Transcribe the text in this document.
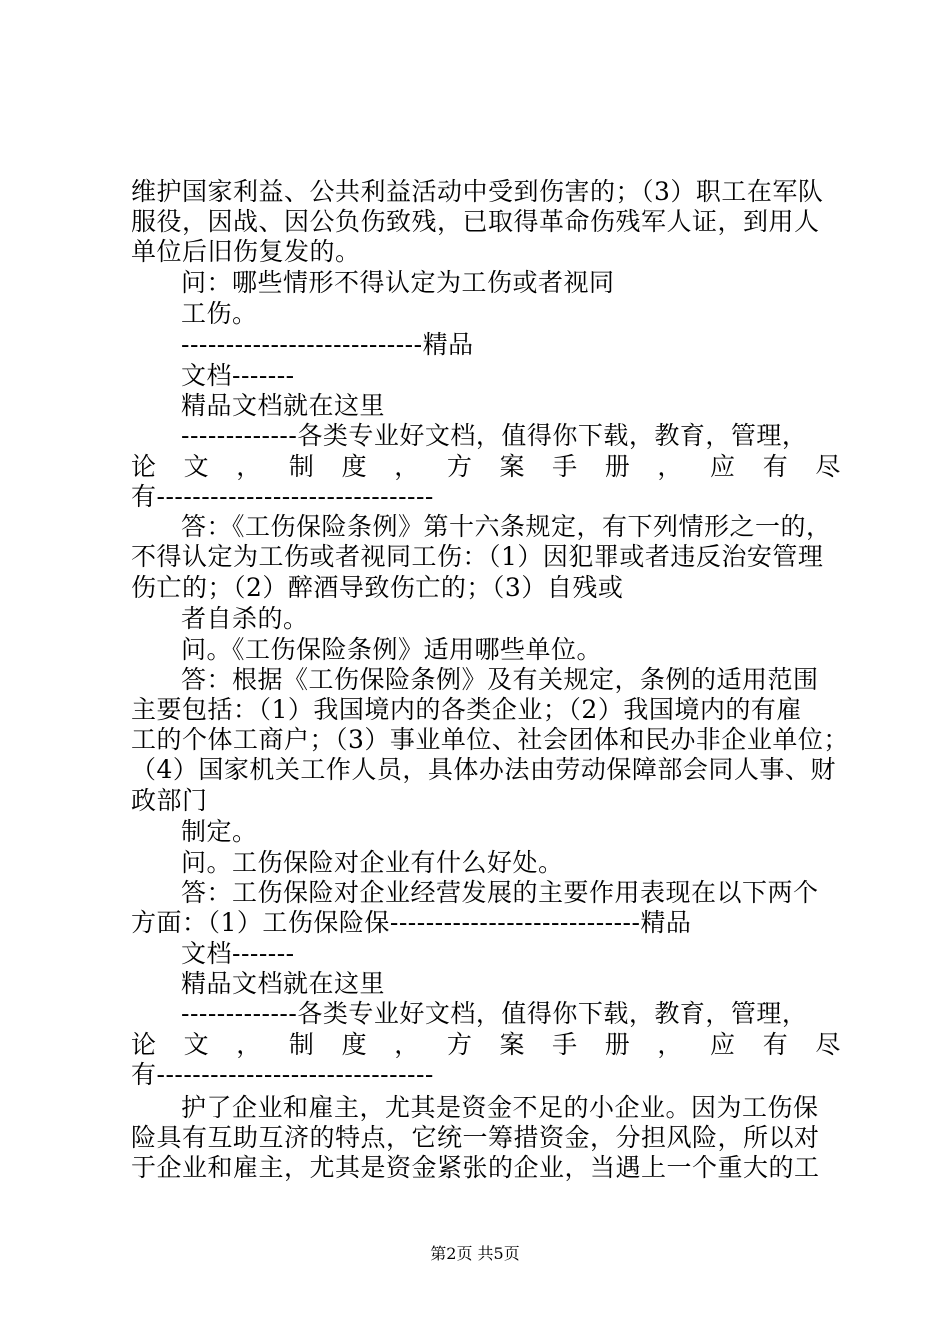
维护国家利益、公共利益活动中受到伤害的；（3）职工在军队
服役，因战、因公负伤致残，已取得革命伤残军人证，到用人
单位后旧伤复发的。
问：哪些情形不得认定为工伤或者视同
工伤。
---------------------------精品
文档-------
精品文档就在这里
-------------各类专业好文档，值得你下载，教育，管理，
论 文 ， 制 度 ， 方 案 手 册 ， 应 有 尽
有-------------------------------
答：《工伤保险条例》第十六条规定，有下列情形之一的，
不得认定为工伤或者视同工伤：（1）因犯罪或者违反治安管理
伤亡的；（2）醉酒导致伤亡的；（3）自残或
者自杀的。
问。《工伤保险条例》适用哪些单位。
答：根据《工伤保险条例》及有关规定，条例的适用范围
主要包括：（1）我国境内的各类企业；（2）我国境内的有雇
工的个体工商户；（3）事业单位、社会团体和民办非企业单位；
（4）国家机关工作人员，具体办法由劳动保障部会同人事、财
政部门
制定。
问。工伤保险对企业有什么好处。
答：工伤保险对企业经营发展的主要作用表现在以下两个
方面：（1）工伤保险保----------------------------精品
文档-------
精品文档就在这里
-------------各类专业好文档，值得你下载，教育，管理，
论 文 ， 制 度 ， 方 案 手 册 ， 应 有 尽
有-------------------------------
护了企业和雇主，尤其是资金不足的小企业。因为工伤保
险具有互助互济的特点，它统一筹措资金，分担风险，所以对
于企业和雇主，尤其是资金紧张的企业，当遇上一个重大的工
第2页 共5页
